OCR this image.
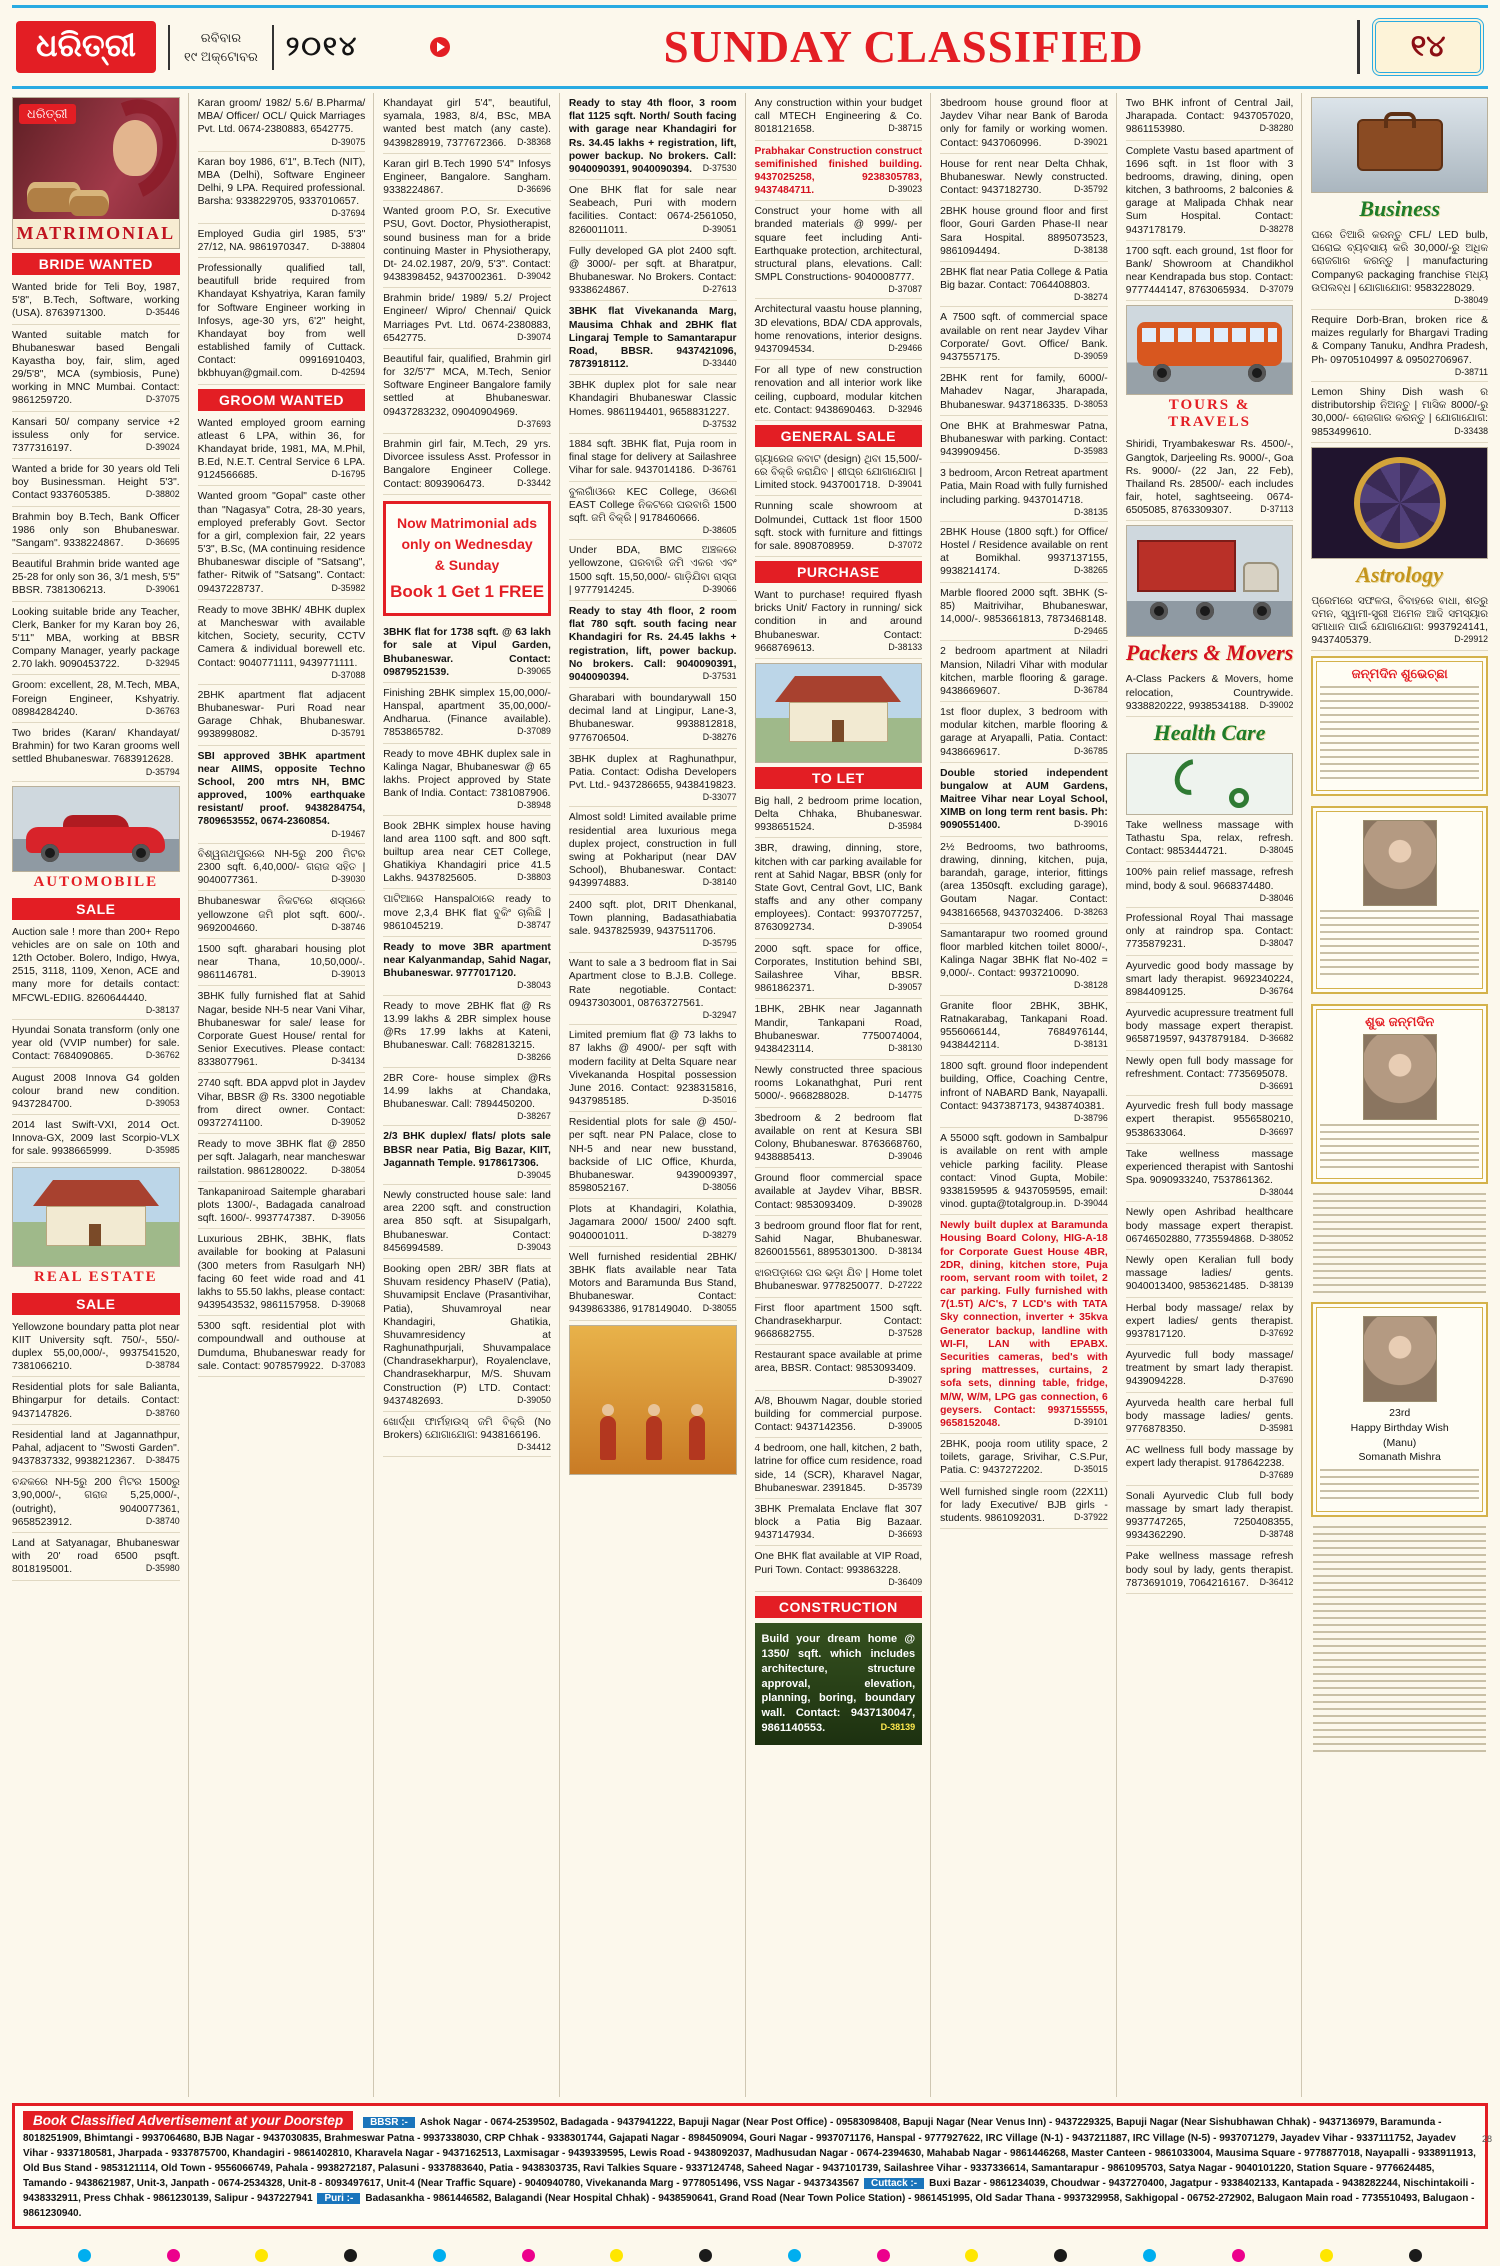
ଧରିତ୍ରୀ	ରବିବାର
୧୯ ଅକ୍ଟୋବର ୨୦୧୪	SUNDAY CLASSIFIED	୧୪
ଧରିତ୍ରୀ
MATRIMONIAL
BRIDE WANTED
Wanted bride for Teli Boy, 1987, 5'8", B.Tech, Software, working (USA). 8763971300.	D-35446
Wanted suitable match for Bhubaneswar based Bengali Kayastha boy, fair, slim, aged 29/5'8", MCA (symbiosis, Pune) working in MNC Mumbai. Contact: 9861259720.	D-37075
Kansari 50/ company service +2 issuless only for service. 7377316197.	D-39024
Wanted a bride for 30 years old Teli boy Businessman. Height 5'3". Contact 9337605385.	D-38802
Brahmin boy B.Tech, Bank Officer 1986 only son Bhubaneswar. "Sangam". 9338224867.	D-36695
Beautiful Brahmin bride wanted age 25-28 for only son 36, 3/1 mesh, 5'5" BBSR. 7381306213.	D-39061
Looking suitable bride any Teacher, Clerk, Banker for my Karan boy 26, 5'11" MBA, working at BBSR Company Manager, yearly package 2.70 lakh. 9090453722.	D-32945
Groom: excellent, 28, M.Tech, MBA, Foreign Engineer, Kshyatriy. 08984284240.	D-36763
Two brides (Karan/ Khandayat/ Brahmin) for two Karan grooms well settled Bhubaneswar. 7683912628.
D-35794
AUTOMOBILE
SALE
Auction sale ! more than 200+ Repo vehicles are on sale on 10th and 12th October. Bolero, Indigo, Hwya, 2515, 3118, 1109, Xenon, ACE and many more for details contact: MFCWL-EDIIG. 8260644440.
D-38137
Hyundai Sonata transform (only one year old (VVIP number) for sale. Contact: 7684090865.	D-36762
August 2008 Innova G4 golden colour brand new condition. 9437284700.	D-39053
2014 last Swift-VXI, 2014 Oct. Innova-GX, 2009 last Scorpio-VLX for sale. 9938665999.	D-35985
REAL ESTATE
SALE
Yellowzone boundary patta plot near KIIT University sqft. 750/-, 550/- duplex 55,00,000/-, 9937541520, 7381066210.	D-38784
Residential plots for sale Balianta, Bhingarpur for details. Contact: 9437147826.	D-38760
Residential land at Jagannathpur, Pahal, adjacent to "Swosti Garden". 9437837332, 9938212367.	D-38475
ଚନ୍ଦକରେ NH-5ରୁ 200 ମିଟର 1500ରୁ 3,90,000/-, ଗରାଜ 5,25,000/-, (outright), 9040077361, 9658523912.	D-38740
Land at Satyanagar, Bhubaneswar with 20' road 6500 psqft. 8018195001.	D-35980
Karan groom/ 1982/ 5.6/ B.Pharma/ MBA/ Officer/ OCL/ Quick Marriages Pvt. Ltd. 0674-2380883, 6542775.
D-39075
Karan boy 1986, 6'1", B.Tech (NIT), MBA (Delhi), Software Engineer Delhi, 9 LPA. Required professional. Barsha: 9338229705, 9337010657.
D-37694
Employed Gudia girl 1985, 5'3" 27/12, NA. 9861970347.	D-38804
Professionally qualified tall, beautifull bride required from Khandayat Kshyatriya, Karan family for Software Engineer working in Infosys, age-30 yrs, 6'2" height, Khandayat boy from well established family of Cuttack. Contact: 09916910403, bkbhuyan@gmail.com.	D-42594
GROOM WANTED
Wanted employed groom earning atleast 6 LPA, within 36, for Khandayat bride, 1981, MA, M.Phil, B.Ed, N.E.T. Central Service 6 LPA. 9124566685.	D-16795
Wanted groom "Gopal" caste other than "Nagasya" Cotra, 28-30 years, employed preferably Govt. Sector for a girl, complexion fair, 22 years 5'3", B.Sc, (MA continuing residence Bhubaneswar disciple of "Satsang", father- Ritwik of "Satsang". Contact: 09437228737.	D-35982
Ready to move 3BHK/ 4BHK duplex at Mancheswar with available kitchen, Society, security, CCTV Camera & individual borewell etc. Contact: 9040771111, 9439771111.
D-37088
2BHK apartment flat adjacent Bhubaneswar- Puri Road near Garage Chhak, Bhubaneswar. 9938998082.	D-35791
SBI approved 3BHK apartment near AIIMS, opposite Techno School, 200 mtrs NH, BMC approved, 100% earthquake resistant/ proof. 9438284754, 7809653552, 0674-2360854.
D-19467
ବିଶ୍ୱନାଥପୁରରେ NH-5ରୁ 200 ମିଟର 2300 sqft. 6,40,000/- ଗରାଜ ସହିତ | 9040077361.	D-39030
Bhubaneswar ନିକଟରେ ଶସ୍ତାରେ yellowzone ଜମି plot sqft. 600/-. 9692004660.	D-38746
1500 sqft. gharabari housing plot near Thana, 10,50,000/-. 9861146781.	D-39013
3BHK fully furnished flat at Sahid Nagar, beside NH-5 near Vani Vihar, Bhubaneswar for sale/ lease for Corporate Guest House/ rental for Senior Executives. Please contact: 8338077961.	D-34134
2740 sqft. BDA appvd plot in Jaydev Vihar, BBSR @ Rs. 3300 negotiable from direct owner. Contact: 09372741100.	D-39052
Ready to move 3BHK flat @ 2850 per sqft. Jalagarh, near mancheswar railstation. 9861280022.	D-38054
Tankapaniroad Saitemple gharabari plots 1300/-, Badagada canalroad sqft. 1600/-. 9937747387.	D-39056
Luxurious 2BHK, 3BHK, flats available for booking at Palasuni (300 meters from Rasulgarh NH) facing 60 feet wide road and 41 lakhs to 55.50 lakhs, please contact: 9439543532, 9861157958.	D-39068
5300 sqft. residential plot with compoundwall and outhouse at Dumduma, Bhubaneswar ready for sale. Contact: 9078579922. D-37083
Khandayat girl 5'4", beautiful, syamala, 1983, 8/4, BSc, MBA wanted best match (any caste). 9439828919, 7377672366.	D-38368
Karan girl B.Tech 1990 5'4" Infosys Engineer, Bangalore. Sangham. 9338224867.	D-36696
Wanted groom P.O, Sr. Executive PSU, Govt. Doctor, Physiotherapist, sound business man for a bride continuing Master in Physiotherapy, Dt- 24.02.1987, 20/9, 5'3". Contact: 9438398452, 9437002361.	D-39042
Brahmin bride/ 1989/ 5.2/ Project Engineer/ Wipro/ Chennai/ Quick Marriages Pvt. Ltd. 0674-2380883, 6542775.	D-39074
Beautiful fair, qualified, Brahmin girl for 32/5'7" MCA, M.Tech, Senior Software Engineer Bangalore family settled at Bhubaneswar. 09437283232, 09040904969.
D-37693
Brahmin girl fair, M.Tech, 29 yrs. Divorcee issuless Asst. Professor in Bangalore Engineer College. Contact: 8093906473.	D-33442
Now Matrimonial ads
only on Wednesday
& Sunday
Book 1 Get 1 FREE
3BHK flat for 1738 sqft. @ 63 lakh for sale at Vipul Garden, Bhubaneswar. Contact: 09879521539.	D-39065
Finishing 2BHK simplex 15,00,000/- Hanspal, apartment 35,00,000/- Andharua. (Finance available). 7853865782.	D-37089
Ready to move 4BHK duplex sale in Kalinga Nagar, Bhubaneswar @ 65 lakhs. Project approved by State Bank of India. Contact: 7381087906.
D-38948
Book 2BHK simplex house having land area 1100 sqft. and 800 sqft. builtup area near CET College, Ghatikiya Khandagiri price 41.5 Lakhs. 9437825605.	D-38803
ପାଟିଆରେ Hanspalଠାରେ ready to move 2,3,4 BHK flat ବୁକିଂ ଚାଲିଛି | 9861045219.	D-38747
Ready to move 3BR apartment near Kalyanmandap, Sahid Nagar, Bhubaneswar. 9777017120.
D-38043
Ready to move 2BHK flat @ Rs 13.99 lakhs & 2BR simplex house @Rs 17.99 lakhs at Kateni, Bhubaneswar. Call: 7682813215.
D-38266
2BR Core- house simplex @Rs 14.99 lakhs at Chandaka, Bhubaneswar. Call: 7894450200.
D-38267
2/3 BHK duplex/ flats/ plots sale BBSR near Patia, Big Bazar, KIIT, Jagannath Temple. 9178617306.
D-39045
Newly constructed house sale: land area 2200 sqft. and construction area 850 sqft. at Sisupalgarh, Bhubaneswar. Contact: 8456994589.	D-39043
Booking open 2BR/ 3BR flats at Shuvam residency PhaseIV (Patia), Shuvamipsit Enclave (Prasantivihar, Patia), Shuvamroyal near Khandagiri, Ghatikia, Shuvamresidency at Raghunathpurjali, Shuvampalace (Chandrasekharpur), Royalenclave, Chandrasekharpur, M/S. Shuvam Construction (P) LTD. Contact: 9437482693.	D-39050
ଖୋର୍ଦ୍ଧା ଫାର୍ମହାଉସ୍ ଜମି ବିକ୍ରି (No Brokers) ଯୋଗାଯୋଗ: 9438166196.
D-34412
Ready to stay 4th floor, 3 room flat 1125 sqft. North/ South facing with garage near Khandagiri for Rs. 34.45 lakhs + registration, lift, power backup. No brokers. Call: 9040090391, 9040090394.	D-37530
One BHK flat for sale near Seabeach, Puri with modern facilities. Contact: 0674-2561050, 8260011011.	D-39051
Fully developed GA plot 2400 sqft. @ 3000/- per sqft. at Bharatpur, Bhubaneswar. No Brokers. Contact: 9338624867.	D-27613
3BHK flat Vivekananda Marg, Mausima Chhak and 2BHK flat Lingaraj Temple to Samantarapur Road, BBSR. 9437421096, 7873918112.	D-33440
3BHK duplex plot for sale near Khandagiri Bhubaneswar Classic Homes. 9861194401, 9658831227.
D-37532
1884 sqft. 3BHK flat, Puja room in final stage for delivery at Sailashree Vihar for sale. 9437014186. D-36761
ବୁଲଗାଁଓରେ KEC College, ଓରେଣ EAST College ନିକଟରେ ଘରବାରି 1500 sqft. ଜମି ବିକ୍ରି | 9178460666.
D-38605
Under BDA, BMC ଅଞ୍ଚଳରେ yellowzone, ଘରବାରି ଜମି ଏକର ଏବଂ 1500 sqft. 15,50,000/- ଗାଡ଼ିଯିବା ରାସ୍ତା | 9777914245.	D-39066
Ready to stay 4th floor, 2 room flat 780 sqft. south facing near Khandagiri for Rs. 24.45 lakhs + registration, lift, power backup. No brokers. Call: 9040090391, 9040090394.	D-37531
Gharabari with boundarywall 150 decimal land at Lingipur, Lane-3, Bhubaneswar. 9938812818, 9776706504.	D-38276
3BHK duplex at Raghunathpur, Patia. Contact: Odisha Developers Pvt. Ltd.- 9437286655, 9438419823.
D-33077
Almost sold! Limited available prime residential area luxurious mega duplex project, construction in full swing at Pokhariput (near DAV School), Bhubaneswar. Contact: 9439974883.	D-38140
2400 sqft. plot, DRIT Dhenkanal, Town planning, Badasathiabatia sale. 9437825939, 9437511706.
D-35795
Want to sale a 3 bedroom flat in Sai Apartment close to B.J.B. College. Rate negotiable. Contact: 09437303001, 08763727561.
D-32947
Limited premium flat @ 73 lakhs to 87 lakhs @ 4900/- per sqft with modern facility at Delta Square near Vivekananda Hospital possession June 2016. Contact: 9238315816, 9437985185.	D-35016
Residential plots for sale @ 450/- per sqft. near PN Palace, close to NH-5 and near new busstand, backside of LIC Office, Khurda, Bhubaneswar. 9439009397, 8598052167.	D-38056
Plots at Khandagiri, Kolathia, Jagamara 2000/ 1500/ 2400 sqft. 9040001011.	D-38279
Well furnished residential 2BHK/ 3BHK flats available near Tata Motors and Baramunda Bus Stand, Bhubaneswar. Contact: 9439863386, 9178149040.	D-38055
Any construction within your budget call MTECH Engineering & Co. 8018121658.	D-38715
Prabhakar Construction construct semifinished finished building. 9437025258, 9238305783, 9437484711.	D-39023
Construct your home with all branded materials @ 999/- per square feet including Anti- Earthquake protection, architectural, structural plans, elevations. Call: SMPL Constructions- 9040008777.
D-37087
Architectural vaastu house planning, 3D elevations, BDA/ CDA approvals, home renovations, interior designs. 9437094534.	D-29466
For all type of new construction renovation and all interior work like ceiling, cupboard, modular kitchen etc. Contact: 9438690463.	D-32946
GENERAL SALE
ଗ୍ୟାରେଜ କବାଟ (design) ଥିବା 15,500/-ରେ ବିକ୍ରି କରାଯିବ | ଶୀଘ୍ର ଯୋଗାଯୋଗ | Limited stock. 9437001718. D-39041
Running scale showroom at Dolmundei, Cuttack 1st floor 1500 sqft. stock with furniture and fittings for sale. 8908708959.	D-37072
PURCHASE
Want to purchase! required flyash bricks Unit/ Factory in running/ sick condition in and around Bhubaneswar. Contact: 9668769613.	D-38133
TO LET
Big hall, 2 bedroom prime location, Delta Chhaka, Bhubaneswar. 9938651524.	D-35984
3BR, drawing, dinning, store, kitchen with car parking available for rent at Sahid Nagar, BBSR (only for State Govt, Central Govt, LIC, Bank staffs and any other company employees). Contact: 9937077257, 8763092734.	D-39054
2000 sqft. space for office, Corporates, Institution behind SBI, Sailashree Vihar, BBSR. 9861862371.	D-39057
1BHK, 2BHK near Jagannath Mandir, Tankapani Road, Bhubaneswar. 7750074004, 9438423114.	D-38130
Newly constructed three spacious rooms Lokanathghat, Puri rent 5000/-. 9668288028.	D-14775
3bedroom & 2 bedroom flat available on rent at Kesura SBI Colony, Bhubaneswar. 8763668760, 9438885413.	D-39046
Ground floor commercial space available at Jaydev Vihar, BBSR. Contact: 9853093409.	D-39028
3 bedroom ground floor flat for rent, Sahid Nagar, Bhubaneswar. 8260015561, 8895301300.	D-38134
ଝାରପଡ଼ାରେ ଘର ଭଡ଼ା ଯିବ | Home tolet Bhubaneswar. 9778250077. D-27222
First floor apartment 1500 sqft. Chandrasekharpur. Contact: 9668682755.	D-37528
Restaurant space available at prime area, BBSR. Contact: 9853093409.
D-39027
A/8, Bhouwm Nagar, double storied building for commercial purpose. Contact: 9437142356.	D-39005
4 bedroom, one hall, kitchen, 2 bath, latrine for office cum residence, road side, 14 (SCR), Kharavel Nagar, Bhubaneswar. 2391845.	D-35739
3BHK Premalata Enclave flat 307 block a Patia Big Bazaar. 9437147934.	D-36693
One BHK flat available at VIP Road, Puri Town. Contact: 993863228.
D-36409
CONSTRUCTION
Build your dream home @ 1350/ sqft. which includes architecture, structure approval, elevation, planning, boring, boundary wall. Contact: 9437130047, 9861140553.	D-38139
3bedroom house ground floor at Jaydev Vihar near Bank of Baroda only for family or working women. Contact: 9437060996.	D-39021
House for rent near Delta Chhak, Bhubaneswar. Newly constructed. Contact: 9437182730.	D-35792
2BHK house ground floor and first floor, Gouri Garden Phase-II near Sara Hospital. 8895073523, 9861094494.	D-38138
2BHK flat near Patia College & Patia Big bazar. Contact: 7064408803.
D-38274
A 7500 sqft. of commercial space available on rent near Jaydev Vihar Corporate/ Govt. Office/ Bank. 9437557175.	D-39059
2BHK rent for family, 6000/- Mahadev Nagar, Jharapada, Bhubaneswar. 9437186335. D-38053
One BHK at Brahmeswar Patna, Bhubaneswar with parking. Contact: 9439909456.	D-35983
3 bedroom, Arcon Retreat apartment Patia, Main Road with fully furnished including parking. 9437014718.
D-38135
2BHK House (1800 sqft.) for Office/ Hostel / Residence available on rent at Bomikhal. 9937137155, 9938214174.	D-38265
Marble floored 2000 sqft. 3BHK (S-85) Maitrivihar, Bhubaneswar, 14,000/-. 9853661813, 7873468148.
D-29465
2 bedroom apartment at Niladri Mansion, Niladri Vihar with modular kitchen, marble flooring & garage. 9438669607.	D-36784
1st floor duplex, 3 bedroom with modular kitchen, marble flooring & garage at Aryapalli, Patia. Contact: 9438669617.	D-36785
Double storied independent bungalow at AUM Gardens, Maitree Vihar near Loyal School, XIMB on long term rent basis. Ph: 9090551400.	D-39016
2½ Bedrooms, two bathrooms, drawing, dinning, kitchen, puja, barandah, garage, interior, fittings (area 1350sqft. excluding garage), Goutam Nagar. Contact: 9438166568, 9437032406.	D-38263
Samantarapur two roomed ground floor marbled kitchen toilet 8000/-, Kalinga Nagar 3BHK flat No-402 = 9,000/-. Contact: 9937210090.
D-38128
Granite floor 2BHK, 3BHK, Ratnakarabag, Tankapani Road. 9556066144, 7684976144, 9438442114.	D-38131
1800 sqft. ground floor independent building, Office, Coaching Centre, infront of NABARD Bank, Nayapalli. Contact: 9437387173, 9438740381.
D-38796
A 55000 sqft. godown in Sambalpur is available on rent with ample vehicle parking facility. Please contact: Vinod Gupta, Mobile: 9338159595 & 9437059595, email: vinod. gupta@totalgroup.in. D-39044
Newly built duplex at Baramunda Housing Board Colony, HIG-A-18 for Corporate Guest House 4BR, 2DR, dining, kitchen store, Puja room, servant room with toilet, 2 car parking. Fully furnished with 7(1.5T) A/C's, 7 LCD's with TATA Sky connection, inverter + 35kva Generator backup, landline with WI-FI, LAN with EPABX. Securities cameras, bed's with spring mattresses, curtains, 2 sofa sets, dinning table, fridge, M/W, W/M, LPG gas connection, 6 geysers. Contact: 9937155555, 9658152048.	D-39101
2BHK, pooja room utility space, 2 toilets, garage, Srivihar, C.S.Pur, Patia. C: 9437272202.	D-35015
Well furnished single room (22X11) for lady Executive/ BJB girls - students. 9861092031.	D-37922
Two BHK infront of Central Jail, Jharapada. Contact: 9437057020, 9861153980.	D-38280
Complete Vastu based apartment of 1696 sqft. in 1st floor with 3 bedrooms, drawing, dining, open kitchen, 3 bathrooms, 2 balconies & garage at Malipada Chhak near Sum Hospital. Contact: 9437178179.	D-38278
1700 sqft. each ground, 1st floor for Bank/ Showroom at Chandikhol near Kendrapada bus stop. Contact: 9777444147, 8763065934.	D-37079
TOURS & TRAVELS
Shiridi, Tryambakeswar Rs. 4500/-, Gangtok, Darjeeling Rs. 9000/-, Goa Rs. 9000/- (22 Jan, 22 Feb), Thailand Rs. 28500/- each includes fair, hotel, saghtseeing. 0674-6505085, 8763309307.	D-37113
Packers & Movers
A-Class Packers & Movers, home relocation, Countrywide. 9338820222, 9938534188.	D-39002
Health Care
Take wellness massage with Tathastu Spa, relax, refresh. Contact: 9853444721.	D-38045
100% pain relief massage, refresh mind, body & soul. 9668374480.
D-38046
Professional Royal Thai massage only at raindrop spa. Contact: 7735879231.	D-38047
Ayurvedic good body massage by smart lady therapist. 9692340224, 8984409125.	D-36764
Ayurvedic acupressure treatment full body massage expert therapist. 9658719597, 9437879184.	D-36682
Newly open full body massage for refreshment. Contact: 7735695078.
D-36691
Ayurvedic fresh full body massage expert therapist. 9556580210, 9538633064.	D-36697
Take wellness massage experienced therapist with Santoshi Spa. 9090933240, 7537861362.
D-38044
Newly open Ashribad healthcare body massage expert therapist. 06746502880, 7735594868. D-38052
Newly open Keralian full body massage ladies/ gents. 9040013400, 9853621485.	D-38139
Herbal body massage/ relax by expert ladies/ gents therapist. 9937817120.	D-37692
Ayurvedic full body massage/ treatment by smart lady therapist. 9439094228.	D-37690
Ayurveda health care herbal full body massage ladies/ gents. 9776878350.	D-35981
AC wellness full body massage by expert lady therapist. 9178642238.
D-37689
Sonali Ayurvedic Club full body massage by smart lady therapist. 9937747265, 7250408355, 9934362290.	D-38748
Pake wellness massage refresh body soul by lady, gents therapist. 7873691019, 7064216167.	D-36412
Business
ଘରେ ତିଆରି କରନ୍ତୁ CFL/ LED bulb, ଘରୋଇ ବ୍ୟବସାୟ କରି 30,000/-ରୁ ଅଧିକ ରୋଜଗାର କରନ୍ତୁ | manufacturing Companyର packaging franchise ମଧ୍ୟ ଉପଲବ୍ଧ | ଯୋଗାଯୋଗ: 9583228029.
D-38049
Require Dorb-Bran, broken rice & maizes regularly for Bhargavi Trading & Company Tanuku, Andhra Pradesh, Ph- 09705104997 & 09502706967.
D-38711
Lemon Shiny Dish wash ର distributorship ନିଅନ୍ତୁ | ମାସିକ 8000/-ରୁ 30,000/- ରୋଜଗାର କରନ୍ତୁ | ଯୋଗାଯୋଗ: 9853499610.	D-33438
Astrology
ପ୍ରେମରେ ସଫଳତା, ବିବାହରେ ବାଧା, ଶତ୍ରୁ ଦମନ, ସ୍ୱାମୀ-ସ୍ତ୍ରୀ ଅମେଳ ଆଦି ସମସ୍ୟାର ସମାଧାନ ପାଇଁ ଯୋଗାଯୋଗ: 9937924141, 9437405379.	D-29912
ଜନ୍ମଦିନ ଶୁଭେଚ୍ଛା
ଶୁଭ ଜନ୍ମଦିନ
23rd
Happy Birthday Wish
(Manu)
Somanath Mishra
28
Book Classified Advertisement at your Doorstep	BBSR :- Ashok Nagar - 0674-2539502, Badagada - 9437941222, Bapuji Nagar (Near Post Office) - 09583098408, Bapuji Nagar (Near Venus Inn) - 9437229325, Bapuji Nagar (Near Sishubhawan Chhak) - 9437136979, Baramunda - 8018251909, Bhimtangi - 9937064680, BJB Nagar - 9437030835, Brahmeswar Patna - 9937338030, CRP Chhak - 9338301744, Gajapati Nagar - 8984509094, Gouri Nagar - 9937071176, Hanspal - 9777927622, IRC Village (N-1) - 9437211887, IRC Village (N-5) - 9937071279, Jayadev Vihar - 9337111752, Jayadev Vihar - 9337180581, Jharpada - 9337875700, Khandagiri - 9861402810, Kharavela Nagar - 9437162513, Laxmisagar - 9439339595, Lewis Road - 9438092037, Madhusudan Nagar - 0674-2394630, Mahabab Nagar - 9861446268, Master Canteen - 9861033004, Mausima Square - 9778877018, Nayapalli - 9338911913, Old Bus Stand - 9853121114, Old Town - 9556066749, Pahala - 9938272187, Palasuni - 9337883640, Patia - 9438303735, Ravi Talkies Square - 9337124748, Saheed Nagar - 9437101739, Sailashree Vihar - 9337336614, Samantarapur - 9861095703, Satya Nagar - 9040101220, Station Square - 9776624485, Tamando - 9438621987, Unit-3, Janpath - 0674-2534328, Unit-8 - 8093497617, Unit-4 (Near Traffic Square) - 9040940780, Vivekananda Marg - 9778051496, VSS Nagar - 9437343567 Cuttack :- Buxi Bazar - 9861234039, Choudwar - 9437270400, Jagatpur - 9338402133, Kantapada - 9438282244, Nischintakoili - 9438332911, Press Chhak - 9861230139, Salipur - 9437227941 Puri :- Badasankha - 9861446582, Balagandi (Near Hospital Chhak) - 9438590641, Grand Road (Near Town Police Station) - 9861451995, Old Sadar Thana - 9937329958, Sakhigopal - 06752-272902, Balugaon Main road - 7735510493, Balugaon - 9861230940.
